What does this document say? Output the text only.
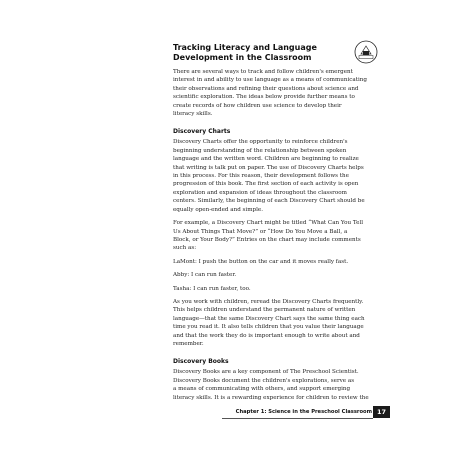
Tracking Literacy and Language
Development in the Classroom

There are several ways to track and follow children's emergent
interest in and ability to use language as a means of communicating
their observations and refining their questions about science and
scientific exploration. The ideas below provide further means to
create records of how children use science to develop their
literacy skills.

Discovery Charts

Discovery Charts offer the opportunity to reinforce children's
beginning understanding of the relationship between spoken
language and the written word. Children are beginning to realize
that writing is talk put on paper. The use of Discovery Charts helps
in this process. For this reason, their development follows the
progression of this book. The first section of each activity is open
exploration and expansion of ideas throughout the classroom
centers. Similarly, the beginning of each Discovery Chart should be
equally open-ended and simple.

For example, a Discovery Chart might be titled “What Can You Tell
Us About Things That Move?” or “How Do You Move a Ball, a
Block, or Your Body?” Entries on the chart may include comments
such as:

LaMont: I push the button on the car and it moves really fast.

Abby: I can run faster.

Tasha: I can run faster, too.

As you work with children, reread the Discovery Charts frequently.
This helps children understand the permanent nature of written
language—that the same Discovery Chart says the same thing each
time you read it. It also tells children that you value their language
and that the work they do is important enough to write about and
remember.

Discovery Books

Discovery Books are a key component of The Preschool Scientist.
Discovery Books document the children's explorations, serve as
a means of communicating with others, and support emerging
literacy skills. It is a rewarding experience for children to review the

Chapter 1: Science in the Preschool Classroom 17
